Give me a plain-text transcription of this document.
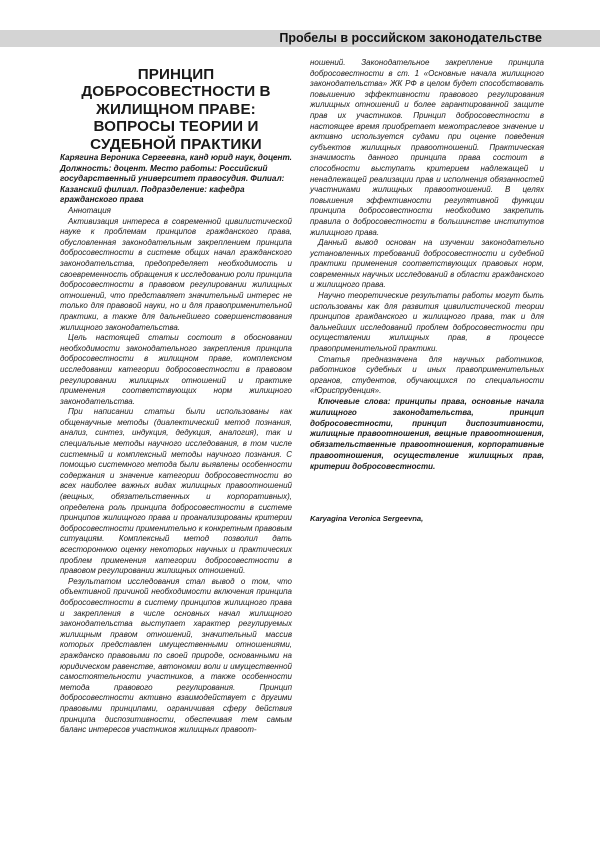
Пробелы в российском законодательстве
ПРИНЦИП ДОБРОСОВЕСТНОСТИ В ЖИЛИЩНОМ ПРАВЕ: ВОПРОСЫ ТЕОРИИ И СУДЕБНОЙ ПРАКТИКИ
Карягина Вероника Сергеевна, канд юрид наук, доцент. Должность: доцент. Место работы: Российский государственный университет правосудия. Филиал: Казанский филиал. Подразделение: кафедра гражданского права

Аннотация

Активизация интереса в современной цивилистической науке к проблемам принципов гражданского права, обусловленная законодательным закреплением принципа добросовестности в системе общих начал гражданского законодательства, предопределяет необходимость и своевременность обращения к исследованию роли принципа добросовестности в правовом регулировании жилищных отношений, что представляет значительный интерес не только для правовой науки, но и для правоприменительной практики, а также для дальнейшего совершенствования жилищного законодательства.

Цель настоящей статьи состоит в обосновании необходимости законодательного закрепления принципа добросовестности в жилищном праве, комплексном исследовании категории добросовестности в правовом регулировании жилищных отношений и практике применения соответствующих норм жилищного законодательства.

При написании статьи были использованы как общенаучные методы (диалектический метод познания, анализ, синтез, индукция, дедукция, аналогия), так и специальные методы научного исследования, в том числе системный и комплексный методы научного познания. С помощью системного метода были выявлены особенности содержания и значение категории добросовестности во всех наиболее важных видах жилищных правоотношений (вещных, обязательственных и корпоративных), определена роль принципа добросовестности в системе принципов жилищного права и проанализированы критерии добросовестности применительно к конкретным правовым ситуациям. Комплексный метод позволил дать всестороннюю оценку некоторых научных и практических проблем применения категории добросовестности в правовом регулировании жилищных отношений.

Результатом исследования стал вывод о том, что объективной причиной необходимости включения принципа добросовестности в систему принципов жилищного права и закрепления в числе основных начал жилищного законодательства выступает характер регулируемых жилищным правом отношений, значительный массив которых представлен имущественными отношениями, гражданско правовыми по своей природе, основанными на юридическом равенстве, автономии воли и имущественной самостоятельности участников, а также особенности метода правового регулирования. Принцип добросовестности активно взаимодействует с другими правовыми принципами, ограничивая сферу действия принципа диспозитивности, обеспечивая тем самым баланс интересов участников жилищных правоот-

ношений. Законодательное закрепление принципа добросовестности в ст. 1 «Основные начала жилищного законодательства» ЖК РФ в целом будет способствовать повышению эффективности правового регулирования жилищных отношений и более гарантированной защите прав их участников. Принцип добросовестности в настоящее время приобретает межотраслевое значение и активно используется судами при оценке поведения субъектов жилищных правоотношений. Практическая значимость данного принципа права состоит в способности выступать критерием надлежащей и ненадлежащей реализации прав и исполнения обязанностей участниками жилищных правоотношений. В целях повышения эффективности регулятивной функции принципа добросовестности необходимо закрепить правила о добросовестности в большинстве институтов жилищного права.

Данный вывод основан на изучении законодательно установленных требований добросовестности и судебной практики применения соответствующих правовых норм, современных научных исследований в области гражданского и жилищного права.

Научно теоретические результаты работы могут быть использованы как для развития цивилистической теории принципов гражданского и жилищного права, так и для дальнейших исследований проблем добросовестности при осуществлении жилищных прав, в процессе правоприменительной практики.

Статья предназначена для научных работников, работников судебных и иных правоприменительных органов, студентов, обучающихся по специальности «Юриспруденция».

Ключевые слова: принципы права, основные начала жилищного законодательства, принцип добросовестности, принцип диспозитивности, жилищные правоотношения, вещные правоотношения, обязательственные правоотношения, корпоративные правоотношения, осуществление жилищных прав, критерии добросовестности.

Karyagina Veronica Sergeevna,
